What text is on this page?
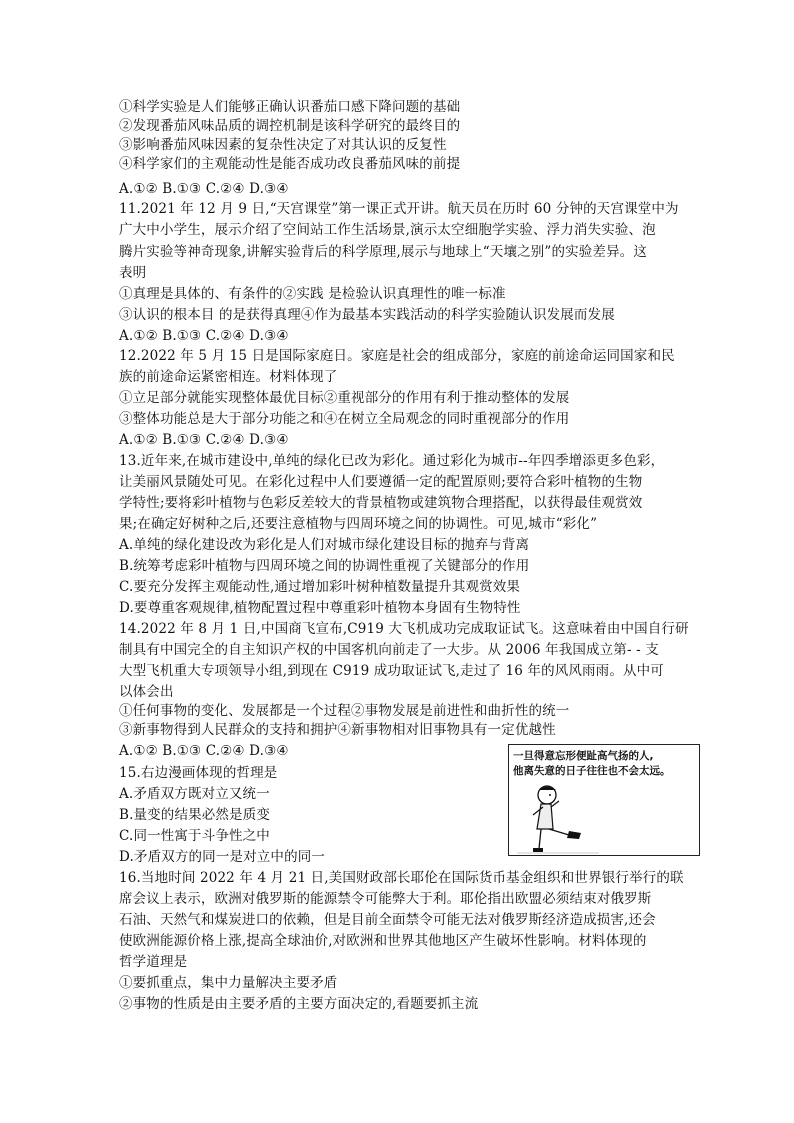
①科学实验是人们能够正确认识番茄口感下降问题的基础
②发现番茄风味品质的调控机制是该科学研究的最终目的
③影响番茄风味因素的复杂性决定了对其认识的反复性
④科学家们的主观能动性是能否成功改良番茄风味的前提
A.①② B.①③ C.②④ D.③④
11.2021 年 12 月 9 日,“天宫课堂”第一课正式开讲。航天员在历时 60 分钟的天宫课堂中为
广大中小学生，展示介绍了空间站工作生活场景,演示太空细胞学实验、浮力消失实验、泡
腾片实验等神奇现象,讲解实验背后的科学原理,展示与地球上“天壤之别”的实验差异。这
表明
①真理是具体的、有条件的②实践 是检验认识真理性的唯一标准
③认识的根本目 的是获得真理④作为最基本实践活动的科学实验随认识发展而发展
A.①② B.①③ C.②④ D.③④
12.2022 年 5 月 15 日是国际家庭日。家庭是社会的组成部分，家庭的前途命运同国家和民
族的前途命运紧密相连。材料体现了
①立足部分就能实现整体最优目标②重视部分的作用有利于推动整体的发展
③整体功能总是大于部分功能之和④在树立全局观念的同时重视部分的作用
A.①② B.①③ C.②④ D.③④
13.近年来,在城市建设中,单纯的绿化已改为彩化。通过彩化为城市--年四季增添更多色彩，
让美丽风景随处可见。在彩化过程中人们要遵循一定的配置原则;要符合彩叶植物的生物
学特性;要将彩叶植物与色彩反差较大的背景植物或建筑物合理搭配，以获得最佳观赏效
果;在确定好树种之后,还要注意植物与四周环境之间的协调性。可见,城市“彩化”
A.单纯的绿化建设改为彩化是人们对城市绿化建设目标的抛弃与背离
B.统筹考虑彩叶植物与四周环境之间的协调性重视了关键部分的作用
C.要充分发挥主观能动性,通过增加彩叶树种植数量提升其观赏效果
D.要尊重客观规律,植物配置过程中尊重彩叶植物本身固有生物特性
14.2022 年 8 月 1 日,中国商飞宣布,C919 大飞机成功完成取证试飞。这意味着由中国自行研
制具有中国完全的自主知识产权的中国客机向前走了一大步。从 2006 年我国成立第- - 支
大型飞机重大专项领导小组,到现在 C919 成功取证试飞,走过了 16 年的风风雨雨。从中可
以体会出
①任何事物的变化、发展都是一个过程②事物发展是前进性和曲折性的统一
③新事物得到人民群众的支持和拥护④新事物相对旧事物具有一定优越性
A.①② B.①③ C.②④ D.③④
15.右边漫画体现的哲理是
A.矛盾双方既对立又统一
B.量变的结果必然是质变
C.同一性寓于斗争性之中
D.矛盾双方的同一是对立中的同一
16.当地时间 2022 年 4 月 21 日,美国财政部长耶伦在国际货币基金组织和世界银行举行的联
席会议上表示，欧洲对俄罗斯的能源禁令可能弊大于利。耶伦指出欧盟必须结束对俄罗斯
石油、天然气和煤炭进口的依赖，但是目前全面禁令可能无法对俄罗斯经济造成损害,还会
使欧洲能源价格上涨,提高全球油价,对欧洲和世界其他地区产生破坏性影响。材料体现的
哲学道理是
①要抓重点，集中力量解决主要矛盾
②事物的性质是由主要矛盾的主要方面决定的,看题要抓主流
一旦得意忘形便趾高气扬的人,
他离失意的日子往往也不会太远。
